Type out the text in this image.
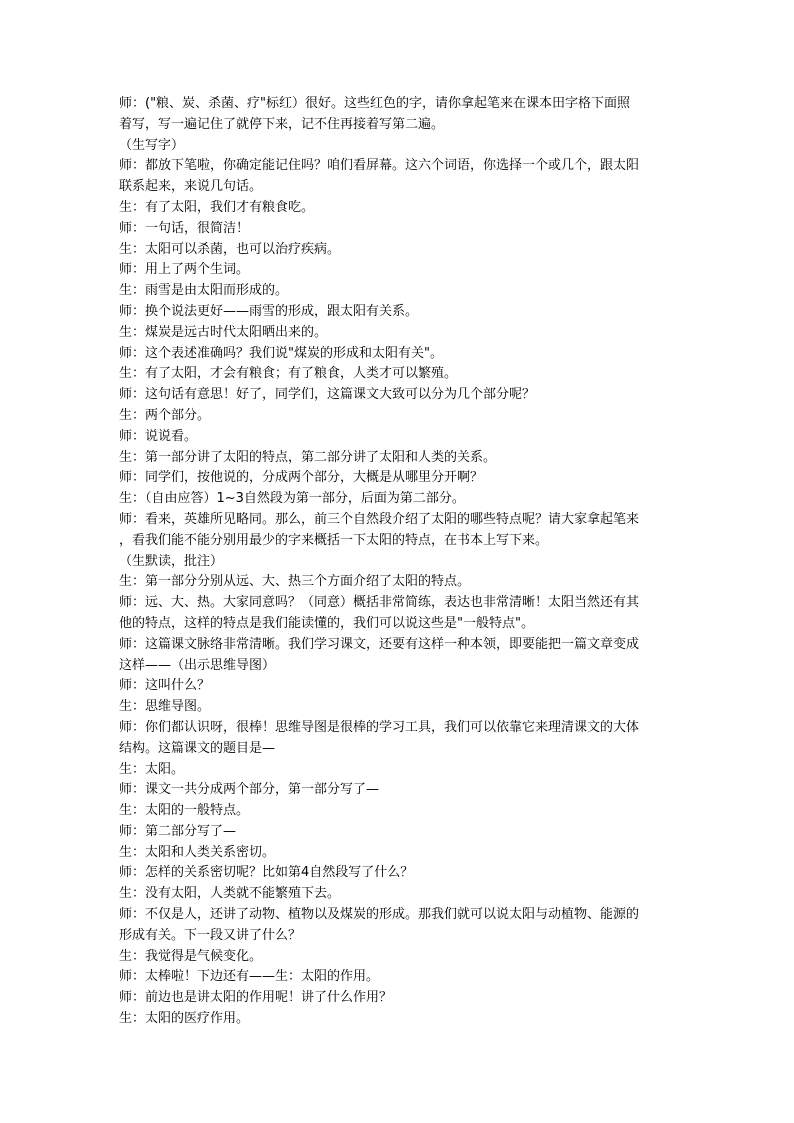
师：("粮、炭、杀菌、疗"标红）很好。这些红色的字，请你拿起笔来在课本田字格下面照
着写，写一遍记住了就停下来，记不住再接着写第二遍。
（生写字）
师：都放下笔啦，你确定能记住吗？咱们看屏幕。这六个词语，你选择一个或几个，跟太阳
联系起来，来说几句话。
生：有了太阳，我们才有粮食吃。
师：一句话，很简洁！
生：太阳可以杀菌，也可以治疗疾病。
师：用上了两个生词。
生：雨雪是由太阳而形成的。
师：换个说法更好——雨雪的形成，跟太阳有关系。
生：煤炭是远古时代太阳晒出来的。
师：这个表述准确吗？我们说"煤炭的形成和太阳有关"。
生：有了太阳，才会有粮食；有了粮食，人类才可以繁殖。
师：这句话有意思！好了，同学们，这篇课文大致可以分为几个部分呢？
生：两个部分。
师：说说看。
生：第一部分讲了太阳的特点，第二部分讲了太阳和人类的关系。
师：同学们，按他说的，分成两个部分，大概是从哪里分开啊？
生：（自由应答）1~3自然段为第一部分，后面为第二部分。
师：看来，英雄所见略同。那么，前三个自然段介绍了太阳的哪些特点呢？请大家拿起笔来
，看我们能不能分别用最少的字来概括一下太阳的特点，在书本上写下来。
（生默读，批注）
生：第一部分分别从远、大、热三个方面介绍了太阳的特点。
师：远、大、热。大家同意吗？（同意）概括非常简练，表达也非常清晰！太阳当然还有其
他的特点，这样的特点是我们能读懂的，我们可以说这些是"一般特点"。
师：这篇课文脉络非常清晰。我们学习课文，还要有这样一种本领，即要能把一篇文章变成
这样——（出示思维导图）
师：这叫什么？
生：思维导图。
师：你们都认识呀，很棒！思维导图是很棒的学习工具，我们可以依靠它来理清课文的大体
结构。这篇课文的题目是—
生：太阳。
师：课文一共分成两个部分，第一部分写了—
生：太阳的一般特点。
师：第二部分写了—
生：太阳和人类关系密切。
师：怎样的关系密切呢？比如第4自然段写了什么？
生：没有太阳，人类就不能繁殖下去。
师：不仅是人，还讲了动物、植物以及煤炭的形成。那我们就可以说太阳与动植物、能源的
形成有关。下一段又讲了什么？
生：我觉得是气候变化。
师：太棒啦！下边还有——生：太阳的作用。
师：前边也是讲太阳的作用呢！讲了什么作用？
生：太阳的医疗作用。
